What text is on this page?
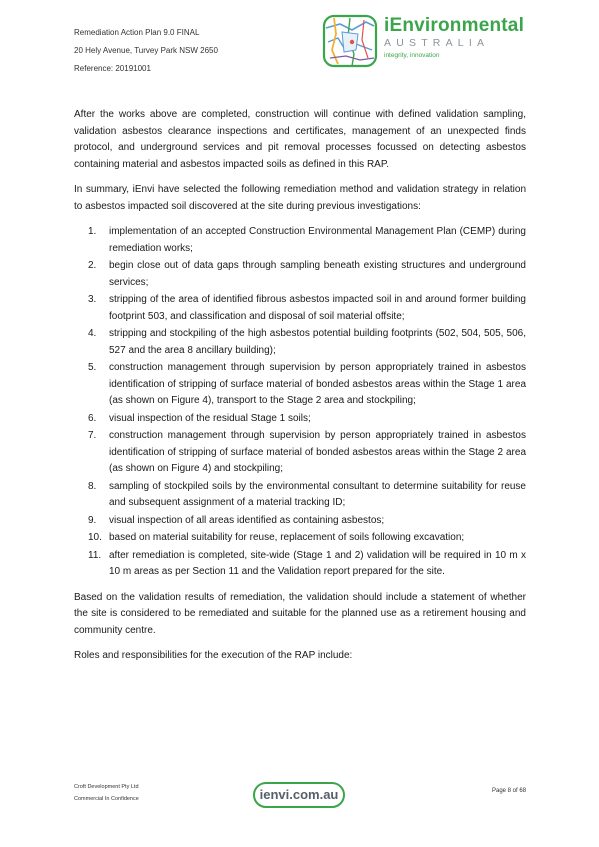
Remediation Action Plan 9.0 FINAL
20 Hely Avenue, Turvey Park NSW 2650
Reference: 20191001
iEnvironmental
AUSTRALIA
integrity, innovation

After the works above are completed, construction will continue with defined validation sampling, validation asbestos clearance inspections and certificates, management of an unexpected finds protocol, and underground services and pit removal processes focussed on detecting asbestos containing material and asbestos impacted soils as defined in this RAP.

In summary, iEnvi have selected the following remediation method and validation strategy in relation to asbestos impacted soil discovered at the site during previous investigations:

1.	implementation of an accepted Construction Environmental Management Plan (CEMP) during remediation works;
2.	begin close out of data gaps through sampling beneath existing structures and underground services;
3.	stripping of the area of identified fibrous asbestos impacted soil in and around former building footprint 503, and classification and disposal of soil material offsite;
4.	stripping and stockpiling of the high asbestos potential building footprints (502, 504, 505, 506, 527 and the area 8 ancillary building);
5.	construction management through supervision by person appropriately trained in asbestos identification of stripping of surface material of bonded asbestos areas within the Stage 1 area (as shown on Figure 4), transport to the Stage 2 area and stockpiling;
6.	visual inspection of the residual Stage 1 soils;
7.	construction management through supervision by person appropriately trained in asbestos identification of stripping of surface material of bonded asbestos areas within the Stage 2 area (as shown on Figure 4) and stockpiling;
8.	sampling of stockpiled soils by the environmental consultant to determine suitability for reuse and subsequent assignment of a material tracking ID;
9.	visual inspection of all areas identified as containing asbestos;
10. based on material suitability for reuse, replacement of soils following excavation;
11. after remediation is completed, site-wide (Stage 1 and 2) validation will be required in 10 m x 10 m areas as per Section 11 and the Validation report prepared for the site.

Based on the validation results of remediation, the validation should include a statement of whether the site is considered to be remediated and suitable for the planned use as a retirement housing and community centre.

Roles and responsibilities for the execution of the RAP include:

Croft Development Pty Ltd
Commercial In Confidence	ienvi.com.au	Page 8 of 68
